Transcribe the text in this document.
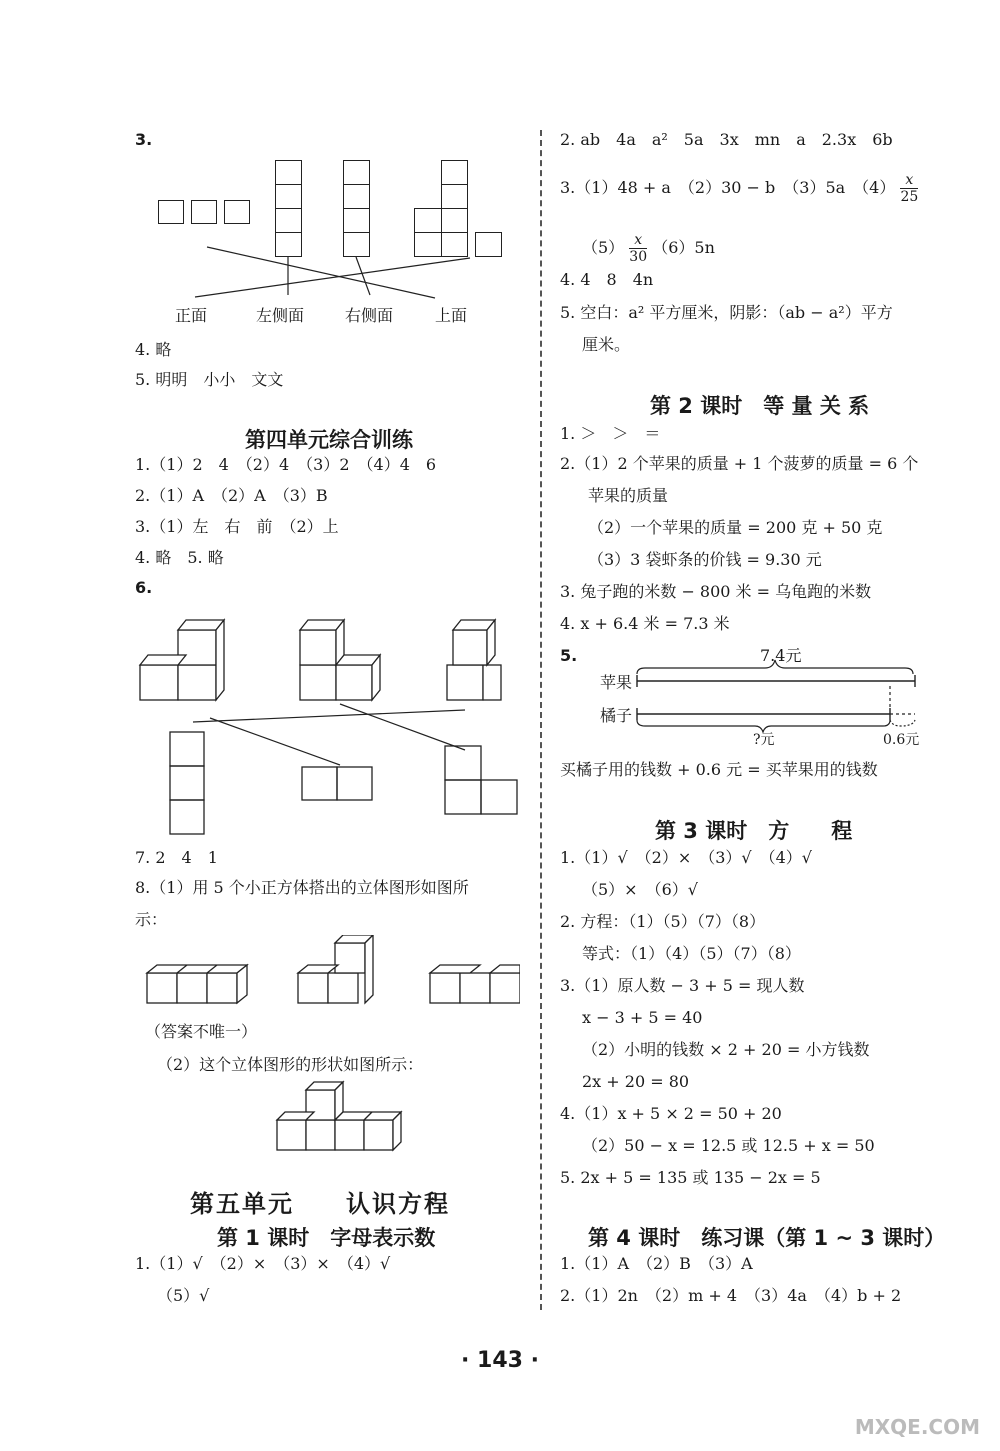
3.
正面	左侧面	右侧面	上面
4. 略
5. 明明　小小　文文
第四单元综合训练
1.（1）2　4　（2）4　（3）2　（4）4　6
2.（1）A　（2）A　（3）B
3.（1）左　右　前　（2）上
4. 略　5. 略
6.
7. 2　4　1
8.（1）用 5 个小正方体搭出的立体图形如图所
示：
（答案不唯一）
（2）这个立体图形的形状如图所示：
第五单元　　认识方程
第 1 课时　字母表示数
1.（1）√　（2）×　（3）×　（4）√
（5）√
2. ab　4a　a²　5a　3x　mn　a　2.3x　6b
3.（1）48 + a　（2）30 − b　（3）5a　$(4) \frac{x}{25}$
$(5) \frac{x}{30} (6)5n$
4. 4　8　4n
5. 空白：a² 平方厘米，阴影：（ab − a²）平方
厘米。
第 2 课时　等 量 关 系
1. ＞　＞　＝
2.（1）2 个苹果的质量 + 1 个菠萝的质量 = 6 个
苹果的质量
（2）一个苹果的质量 = 200 克 + 50 克
（3）3 袋虾条的价钱 = 9.30 元
3. 兔子跑的米数 − 800 米 = 乌龟跑的米数
4. x + 6.4 米 = 7.3 米
5.	7.4元
苹果
橘子
?元	0.6元
买橘子用的钱数 + 0.6 元 = 买苹果用的钱数
第 3 课时　方　　程
1.（1）√　（2）×　（3）√　（4）√
（5）×　（6）√
2. 方程：（1）（5）（7）（8）
等式：（1）（4）（5）（7）（8）
3.（1）原人数 − 3 + 5 = 现人数
x − 3 + 5 = 40
（2）小明的钱数 × 2 + 20 = 小方钱数
2x + 20 = 80
4.（1）x + 5 × 2 = 50 + 20
（2）50 − x = 12.5 或 12.5 + x = 50
5. 2x + 5 = 135 或 135 − 2x = 5
第 4 课时　练习课（第 1 ~ 3 课时）
1.（1）A　（2）B　（3）A
2.（1）2n　（2）m + 4　（3）4a　（4）b + 2
· 143 ·
MXQE.COM
